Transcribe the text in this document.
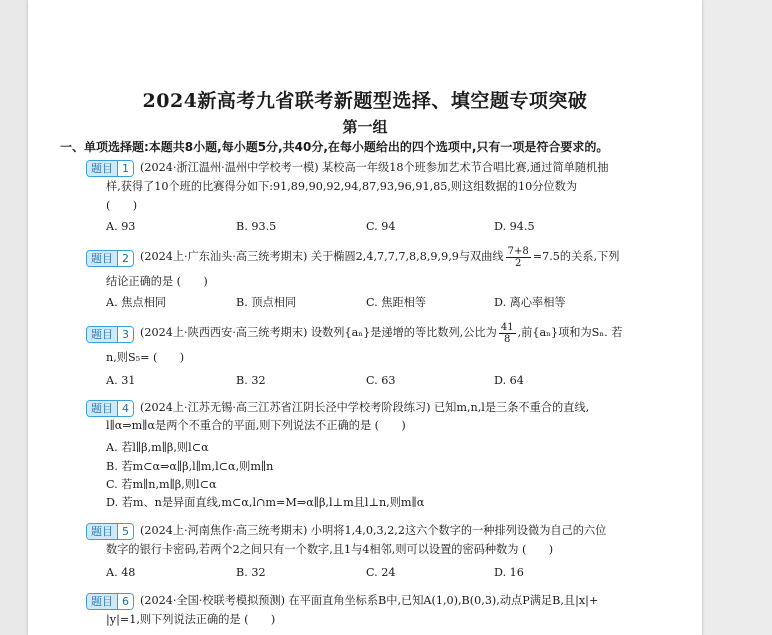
2024新高考九省联考新题型选择、填空题专项突破
第一组
一、单项选择题:本题共8小题,每小题5分,共40分,在每小题给出的四个选项中,只有一项是符合要求的。
题目 1 (2024·浙江温州·温州中学校考一模) 某校高一年级18个班参加艺术节合唱比赛,通过简单随机抽
样,获得了10个班的比赛得分如下:91,89,90,92,94,87,93,96,91,85,则这组数据的10分位数为
(　　)
A. 93	B. 93.5	C. 94	D. 94.5
题目 2 (2024上·广东汕头·高三统考期末) 关于椭圆2,4,7,7,7,8,8,9,9,9与双曲线 $\frac{7+8}{2} =7.5$的关系,下列
结论正确的是 (　　)
A. 焦点相同	B. 顶点相同	C. 焦距相等	D. 离心率相等
题目 3 (2024上·陕西西安·高三统考期末) 设数列{aₙ}是递增的等比数列,公比为 $\frac{41}{8}$ ,前{aₙ}项和为Sₙ. 若
n,则S₅= (　　)
A. 31	B. 32	C. 63	D. 64
题目 4 (2024上·江苏无锡·高三江苏省江阴长泾中学校考阶段练习) 已知m,n,l是三条不重合的直线,
l∥α⇒m∥α是两个不重合的平面,则下列说法不正确的是 (　　)
A. 若l∥β,m∥β,则l⊂α
B. 若m⊂α⇒α∥β,l∥m,l⊂α,则m∥n
C. 若m∥n,m∥β,则l⊂α
D. 若m、n是异面直线,m⊂α,l∩m=M⇒α∥β,l⊥m且l⊥n,则m∥α
题目 5 (2024上·河南焦作·高三统考期末) 小明将1,4,0,3,2,2这六个数字的一种排列设微为自己的六位
数字的银行卡密码,若两个2之间只有一个数字,且1与4相邻,则可以设置的密码种数为 (　　)
A. 48	B. 32	C. 24	D. 16
题目 6 (2024·全国·校联考模拟预测) 在平面直角坐标系B中,已知A(1,0),B(0,3),动点P满足B,且|x|+
|y|=1,则下列说法正确的是 (　　)
